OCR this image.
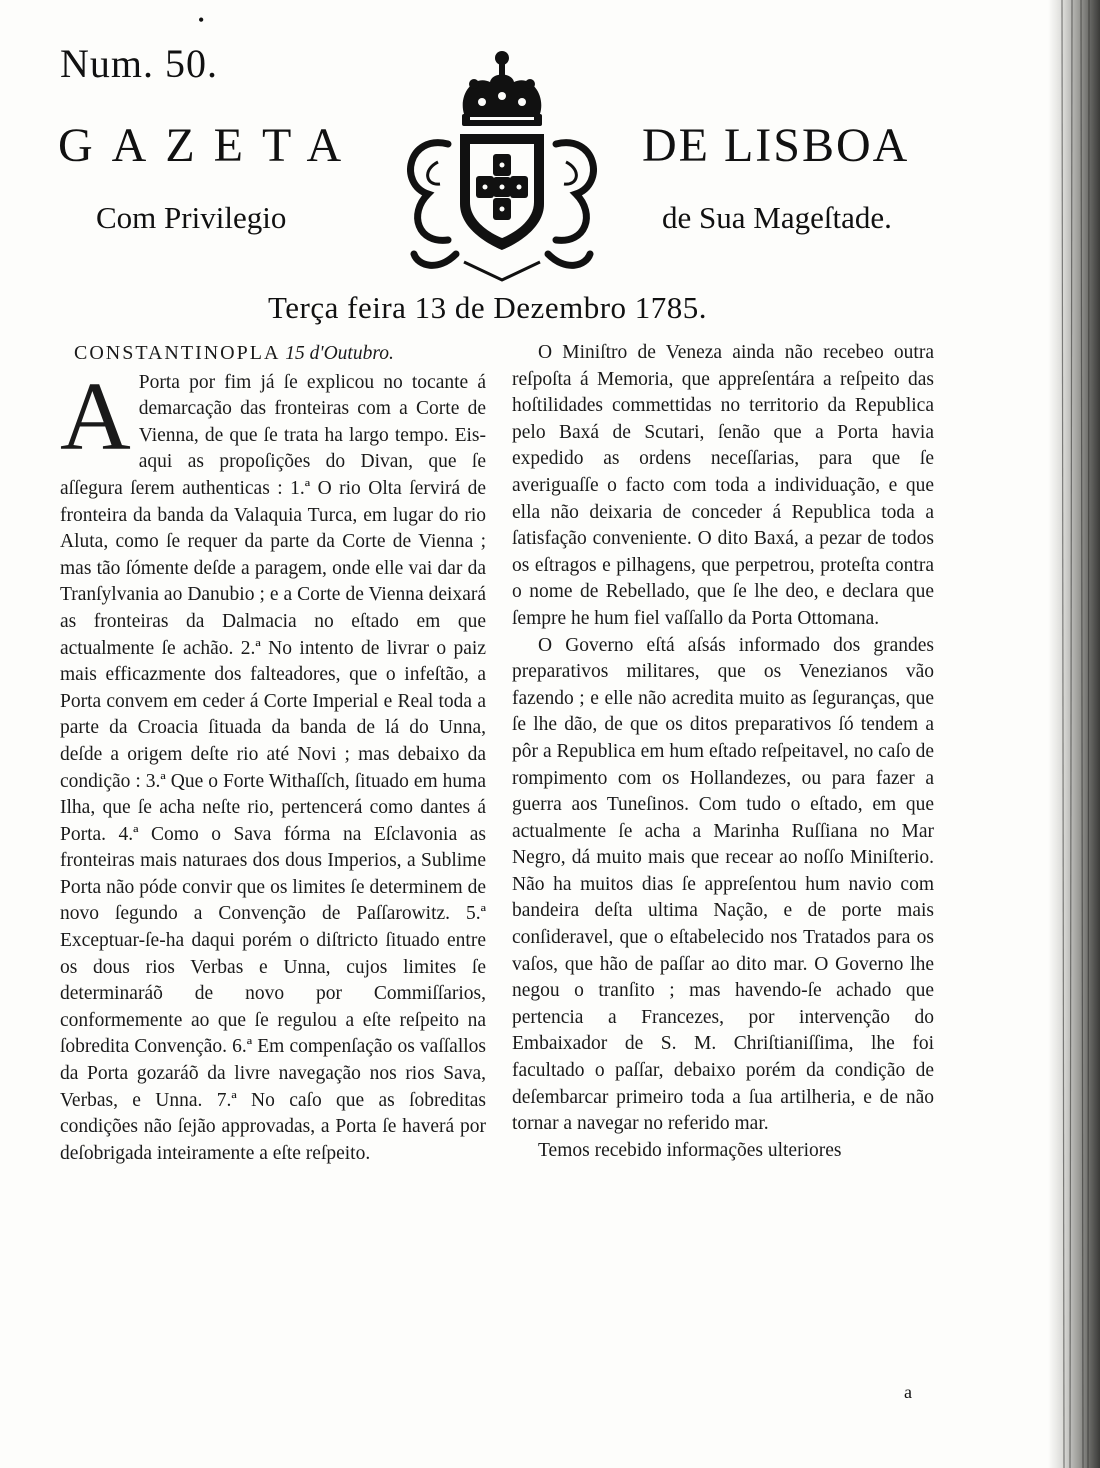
•
Num. 50.
GAZETA	DE LISBOA
Com Privilegio	de Sua Mageſtade.
Terça feira 13 de Dezembro 1785.

CONSTANTINOPLA 15 d'Outubro.

A Porta por fim já ſe explicou no tocante á demarcação das fronteiras com a Corte de Vienna, de que ſe trata ha largo tempo. Eis-aqui as propoſições do Divan, que ſe aſſegura ſerem authenticas : 1.ª O rio Olta ſervirá de fronteira da banda da Valaquia Turca, em lugar do rio Aluta, como ſe requer da parte da Corte de Vienna ; mas tão ſómente deſde a paragem, onde elle vai dar da Tranſylvania ao Danubio ; e a Corte de Vienna deixará as fronteiras da Dalmacia no eſtado em que actualmente ſe achão. 2.ª No intento de livrar o paiz mais efficazmente dos falteadores, que o infeſtão, a Porta convem em ceder á Corte Imperial e Real toda a parte da Croacia ſituada da banda de lá do Unna, deſde a origem deſte rio até Novi ; mas debaixo da condição : 3.ª Que o Forte Withaſſch, ſituado em huma Ilha, que ſe acha neſte rio, pertencerá como dantes á Porta. 4.ª Como o Sava fórma na Eſclavonia as fronteiras mais naturaes dos dous Imperios, a Sublime Porta não póde convir que os limites ſe determinem de novo ſegundo a Convenção de Paſſarowitz. 5.ª Exceptuar-ſe-ha daqui porém o diſtricto ſituado entre os dous rios Verbas e Unna, cujos limites ſe determinaráõ de novo por Commiſſarios, conformemente ao que ſe regulou a eſte reſpeito na ſobredita Convenção. 6.ª Em compenſação os vaſſallos da Porta gozaráõ da livre navegação nos rios Sava, Verbas, e Unna. 7.ª No caſo que as ſobreditas condições não ſejão approvadas, a Porta ſe haverá por deſobrigada inteiramente a eſte reſpeito.

O Miniſtro de Veneza ainda não recebeo outra reſpoſta á Memoria, que appreſentára a reſpeito das hoſtilidades commettidas no territorio da Republica pelo Baxá de Scutari, ſenão que a Porta havia expedido as ordens neceſſarias, para que ſe averiguaſſe o facto com toda a individuação, e que ella não deixaria de conceder á Republica toda a ſatisfação conveniente. O dito Baxá, a pezar de todos os eſtragos e pilhagens, que perpetrou, proteſta contra o nome de Rebellado, que ſe lhe deo, e declara que ſempre he hum fiel vaſſallo da Porta Ottomana.

O Governo eſtá aſsás informado dos grandes preparativos militares, que os Venezianos vão fazendo ; e elle não acredita muito as ſeguranças, que ſe lhe dão, de que os ditos preparativos ſó tendem a pôr a Republica em hum eſtado reſpeitavel, no caſo de rompimento com os Hollandezes, ou para fazer a guerra aos Tuneſinos. Com tudo o eſtado, em que actualmente ſe acha a Marinha Ruſſiana no Mar Negro, dá muito mais que recear ao noſſo Miniſterio. Não ha muitos dias ſe appreſentou hum navio com bandeira deſta ultima Nação, e de porte mais conſideravel, que o eſtabelecido nos Tratados para os vaſos, que hão de paſſar ao dito mar. O Governo lhe negou o tranſito ; mas havendo-ſe achado que pertencia a Francezes, por intervenção do Embaixador de S. M. Chriſtianiſſima, lhe foi facultado o paſſar, debaixo porém da condição de deſembarcar primeiro toda a ſua artilheria, e de não tornar a navegar no referido mar.

Temos recebido informações ulteriores

a
